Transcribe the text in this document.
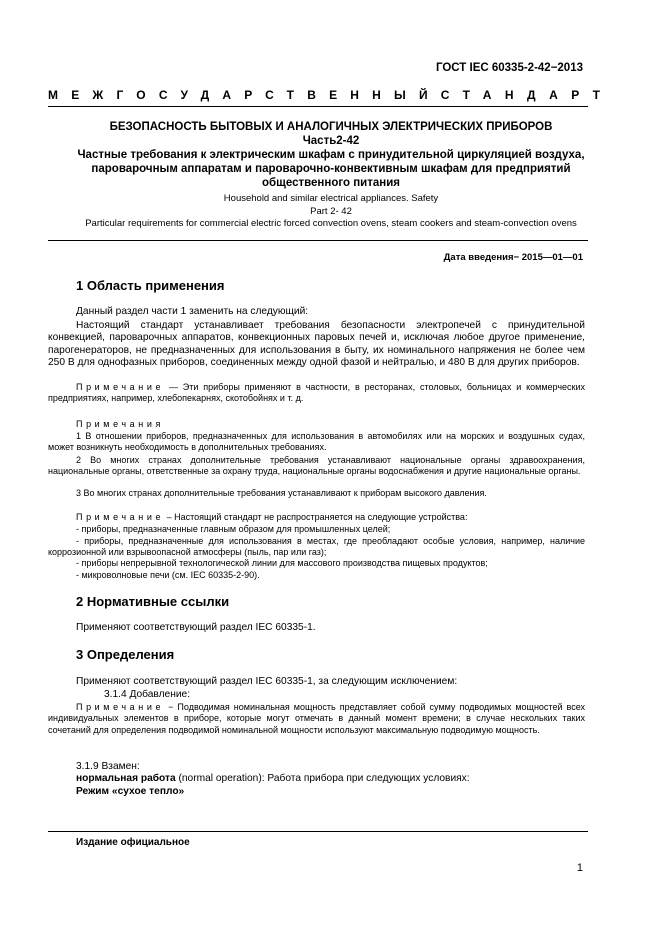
ГОСТ IEC 60335-2-42−2013
МЕЖГОСУДАРСТВЕННЫЙ СТАНДАРТ
БЕЗОПАСНОСТЬ БЫТОВЫХ И АНАЛОГИЧНЫХ ЭЛЕКТРИЧЕСКИХ ПРИБОРОВ
Часть2-42
Частные требования к электрическим шкафам с принудительной циркуляцией воздуха,
пароварочным аппаратам и пароварочно-конвективным шкафам для предприятий
общественного питания
Household and similar electrical appliances. Safety
Part 2- 42
Particular requirements for commercial electric forced convection ovens, steam cookers and steam-convection ovens
Дата введения− 2015—01—01
1 Область применения
Данный раздел части 1 заменить на следующий:
Настоящий стандарт устанавливает требования безопасности электропечей с принудительной конвекцией, пароварочных аппаратов, конвекционных паровых печей и, исключая любое другое применение, парогенераторов, не предназначенных для использования в быту, их номинального напряжения не более чем 250 В для однофазных приборов, соединенных между одной фазой и нейтралью, и 480 В для других приборов.
Примечание — Эти приборы применяют в частности, в ресторанах, столовых, больницах и коммерческих предприятиях, например, хлебопекарнях, скотобойнях и т. д.
Примечания
1 В отношении приборов, предназначенных для использования в автомобилях или на морских и воздушных судах, может возникнуть необходимость в дополнительных требованиях.
2 Во многих странах дополнительные требования устанавливают национальные органы здравоохранения, национальные органы, ответственные за охрану труда, национальные органы водоснабжения и другие национальные органы.
3 Во многих странах дополнительные требования устанавливают к приборам высокого давления.
Примечание – Настоящий стандарт не распространяется на следующие устройства:
- приборы, предназначенные главным образом для промышленных целей;
- приборы, предназначенные для использования в местах, где преобладают особые условия, например, наличие коррозионной или взрывоопасной атмосферы (пыль, пар или газ);
- приборы непрерывной технологической линии для массового производства пищевых продуктов;
- микроволновые печи (см. IEC 60335-2-90).
2 Нормативные ссылки
Применяют соответствующий раздел IEC 60335-1.
3 Определения
Применяют соответствующий раздел IEC 60335-1, за следующим исключением:
3.1.4 Добавление:
Примечание − Подводимая номинальная мощность представляет собой сумму подводимых мощностей всех индивидуальных элементов в приборе, которые могут отмечать в данный момент времени; в случае нескольких таких сочетаний для определения подводимой номинальной мощности используют максимальную подводимую мощность.
3.1.9 Взамен:
нормальная работа (normal operation): Работа прибора при следующих условиях:
Режим «сухое тепло»
Издание официальное
1
